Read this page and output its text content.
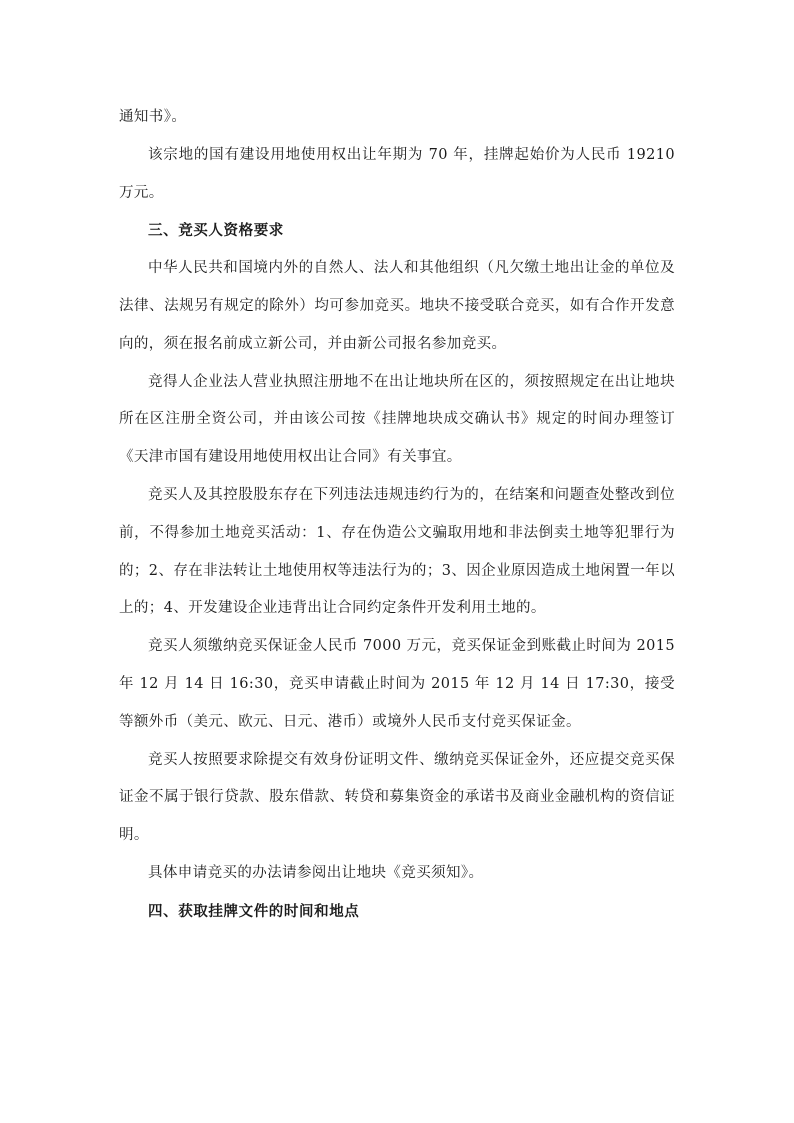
通知书》。

该宗地的国有建设用地使用权出让年期为 70 年，挂牌起始价为人民币 19210 万元。

三、竞买人资格要求

中华人民共和国境内外的自然人、法人和其他组织（凡欠缴土地出让金的单位及法律、法规另有规定的除外）均可参加竞买。地块不接受联合竞买，如有合作开发意向的，须在报名前成立新公司，并由新公司报名参加竞买。

竞得人企业法人营业执照注册地不在出让地块所在区的，须按照规定在出让地块所在区注册全资公司，并由该公司按《挂牌地块成交确认书》规定的时间办理签订《天津市国有建设用地使用权出让合同》有关事宜。

竞买人及其控股股东存在下列违法违规违约行为的，在结案和问题查处整改到位前，不得参加土地竞买活动：1、存在伪造公文骗取用地和非法倒卖土地等犯罪行为的；2、存在非法转让土地使用权等违法行为的；3、因企业原因造成土地闲置一年以上的；4、开发建设企业违背出让合同约定条件开发利用土地的。

竞买人须缴纳竞买保证金人民币 7000 万元，竞买保证金到账截止时间为 2015 年 12 月 14 日 16:30，竞买申请截止时间为 2015 年 12 月 14 日 17:30，接受等额外币（美元、欧元、日元、港币）或境外人民币支付竞买保证金。

竞买人按照要求除提交有效身份证明文件、缴纳竞买保证金外，还应提交竞买保证金不属于银行贷款、股东借款、转贷和募集资金的承诺书及商业金融机构的资信证明。

具体申请竞买的办法请参阅出让地块《竞买须知》。

四、获取挂牌文件的时间和地点
